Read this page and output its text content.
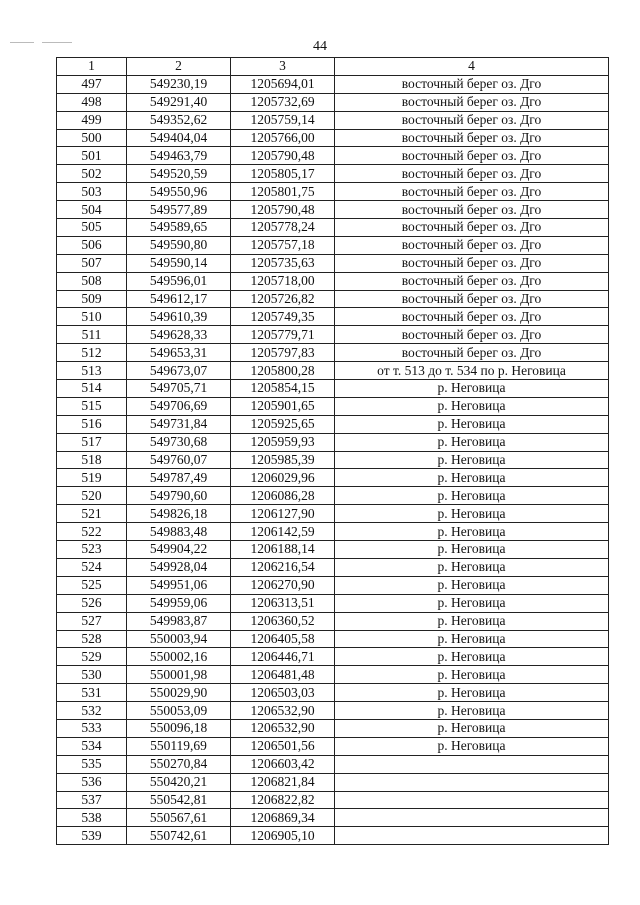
44
1	2	3	4
497	549230,19	1205694,01	восточный берег оз. Дго
498	549291,40	1205732,69	восточный берег оз. Дго
499	549352,62	1205759,14	восточный берег оз. Дго
500	549404,04	1205766,00	восточный берег оз. Дго
501	549463,79	1205790,48	восточный берег оз. Дго
502	549520,59	1205805,17	восточный берег оз. Дго
503	549550,96	1205801,75	восточный берег оз. Дго
504	549577,89	1205790,48	восточный берег оз. Дго
505	549589,65	1205778,24	восточный берег оз. Дго
506	549590,80	1205757,18	восточный берег оз. Дго
507	549590,14	1205735,63	восточный берег оз. Дго
508	549596,01	1205718,00	восточный берег оз. Дго
509	549612,17	1205726,82	восточный берег оз. Дго
510	549610,39	1205749,35	восточный берег оз. Дго
511	549628,33	1205779,71	восточный берег оз. Дго
512	549653,31	1205797,83	восточный берег оз. Дго
513	549673,07	1205800,28	от т. 513 до т. 534 по р. Неговица
514	549705,71	1205854,15	р. Неговица
515	549706,69	1205901,65	р. Неговица
516	549731,84	1205925,65	р. Неговица
517	549730,68	1205959,93	р. Неговица
518	549760,07	1205985,39	р. Неговица
519	549787,49	1206029,96	р. Неговица
520	549790,60	1206086,28	р. Неговица
521	549826,18	1206127,90	р. Неговица
522	549883,48	1206142,59	р. Неговица
523	549904,22	1206188,14	р. Неговица
524	549928,04	1206216,54	р. Неговица
525	549951,06	1206270,90	р. Неговица
526	549959,06	1206313,51	р. Неговица
527	549983,87	1206360,52	р. Неговица
528	550003,94	1206405,58	р. Неговица
529	550002,16	1206446,71	р. Неговица
530	550001,98	1206481,48	р. Неговица
531	550029,90	1206503,03	р. Неговица
532	550053,09	1206532,90	р. Неговица
533	550096,18	1206532,90	р. Неговица
534	550119,69	1206501,56	р. Неговица
535	550270,84	1206603,42	
536	550420,21	1206821,84	
537	550542,81	1206822,82	
538	550567,61	1206869,34	
539	550742,61	1206905,10	
